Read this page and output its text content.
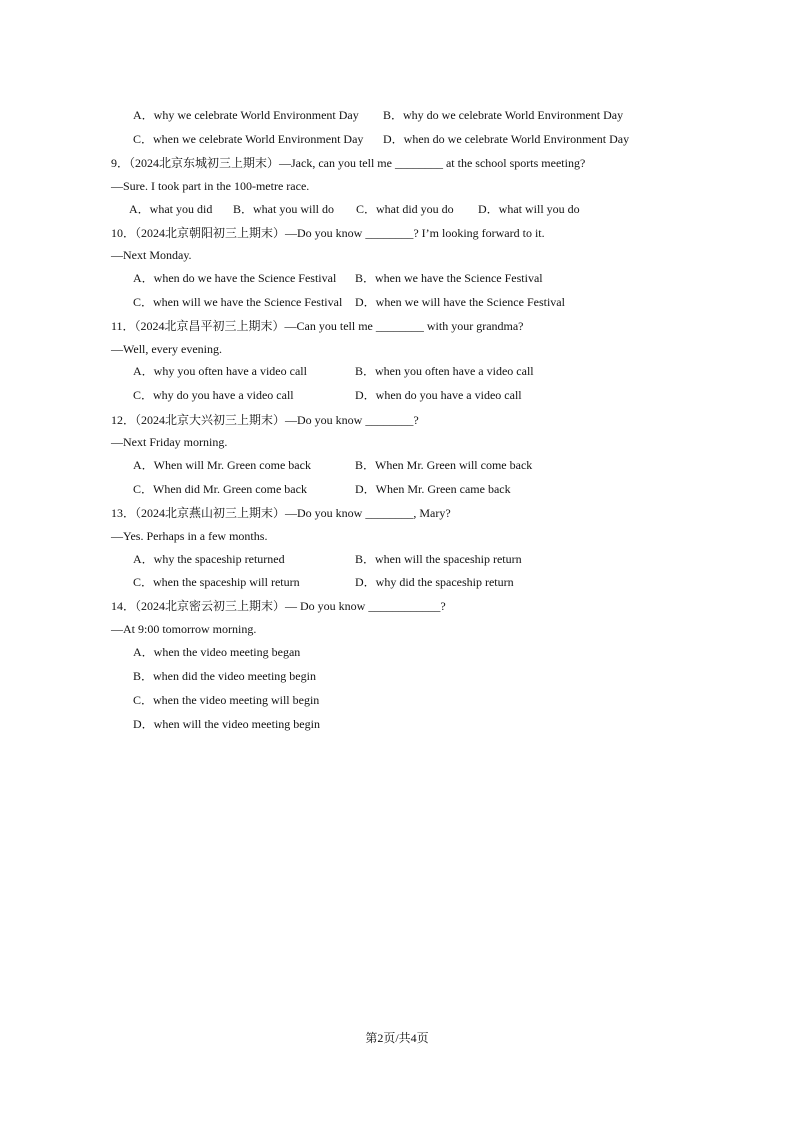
A．why we celebrate World Environment Day B．why do we celebrate World Environment Day
C．when we celebrate World Environment Day D．when do we celebrate World Environment Day
9．（2024北京东城初三上期末）—Jack, can you tell me ________ at the school sports meeting?
—Sure. I took part in the 100-metre race.
A．what you did B．what you will do C．what did you do D．what will you do
10．（2024北京朝阳初三上期末）—Do you know ________? I’m looking forward to it.
—Next Monday.
A．when do we have the Science Festival B．when we have the Science Festival
C．when will we have the Science Festival D．when we will have the Science Festival
11．（2024北京昌平初三上期末）—Can you tell me ________ with your grandma?
—Well, every evening.
A．why you often have a video call	B．when you often have a video call
C．why do you have a video call	D．when do you have a video call
12．（2024北京大兴初三上期末）—Do you know ________?
—Next Friday morning.
A．When will Mr. Green come back	B．When Mr. Green will come back
C．When did Mr. Green come back	D．When Mr. Green came back
13．（2024北京燕山初三上期末）—Do you know ________, Mary?
—Yes. Perhaps in a few months.
A．why the spaceship returned	B．when will the spaceship return
C．when the spaceship will return	D．why did the spaceship return
14．（2024北京密云初三上期末）— Do you know ____________?
—At 9:00 tomorrow morning.
A．when the video meeting began
B．when did the video meeting begin
C．when the video meeting will begin
D．when will the video meeting begin
第2页/共4页
